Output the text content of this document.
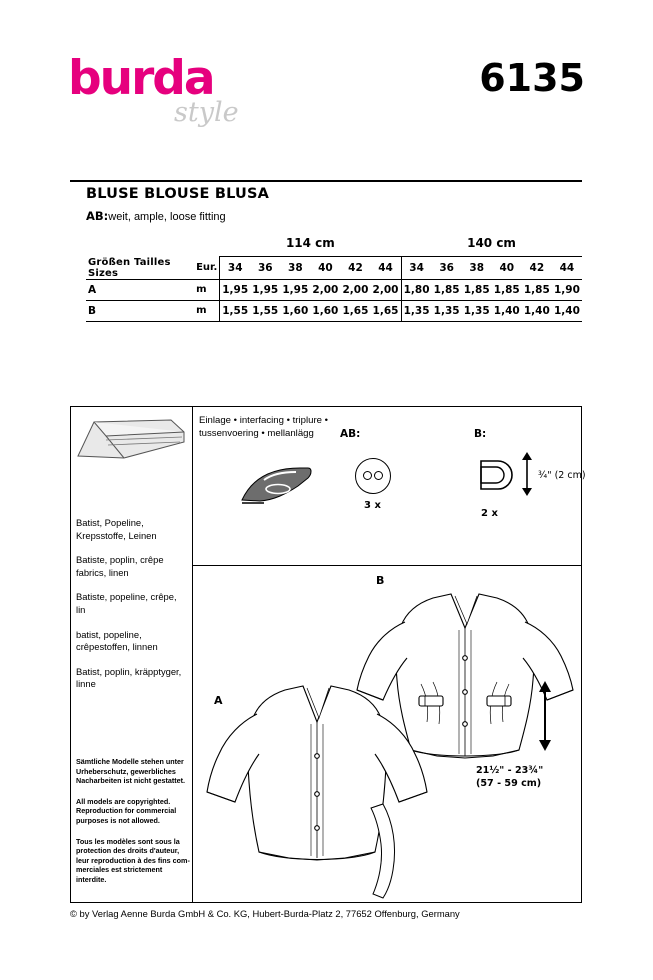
burda
style
6135
BLUSE BLOUSE BLUSA
AB:weit, ample, loose fitting
		114 cm						140 cm					
Größen Tailles Sizes	Eur.	34	36	38	40	42	44	34	36	38	40	42	44
A	m	1,95	1,95	1,95	2,00	2,00	2,00	1,80	1,85	1,85	1,85	1,85	1,90
B	m	1,55	1,55	1,60	1,60	1,65	1,65	1,35	1,35	1,35	1,40	1,40	1,40

Batist, Popeline, Krepsstoffe, Leinen

Batiste, poplin, crêpe fabrics, linen

Batiste, popeline, crêpe, lin

batist, popeline, crêpestoffen, linnen

Batist, poplin, kräpptyger, linne

Sämtliche Modelle stehen unter Urheberschutz, gewerbliches Nacharbeiten ist nicht gestattet.

All models are copyrighted. Reproduction for commercial purposes is not allowed.

Tous les modèles sont sous la protection des droits d'auteur, leur reproduction à des fins commerciales est strictement interdite.

Einlage • interfacing • triplure • tussenvoering • mellanlägg	AB:
3 x
B:
¾" (2 cm)
2 x
A
B
21½" - 23¾"
(57 - 59 cm)
© by Verlag Aenne Burda GmbH & Co. KG, Hubert-Burda-Platz 2, 77652 Offenburg, Germany
